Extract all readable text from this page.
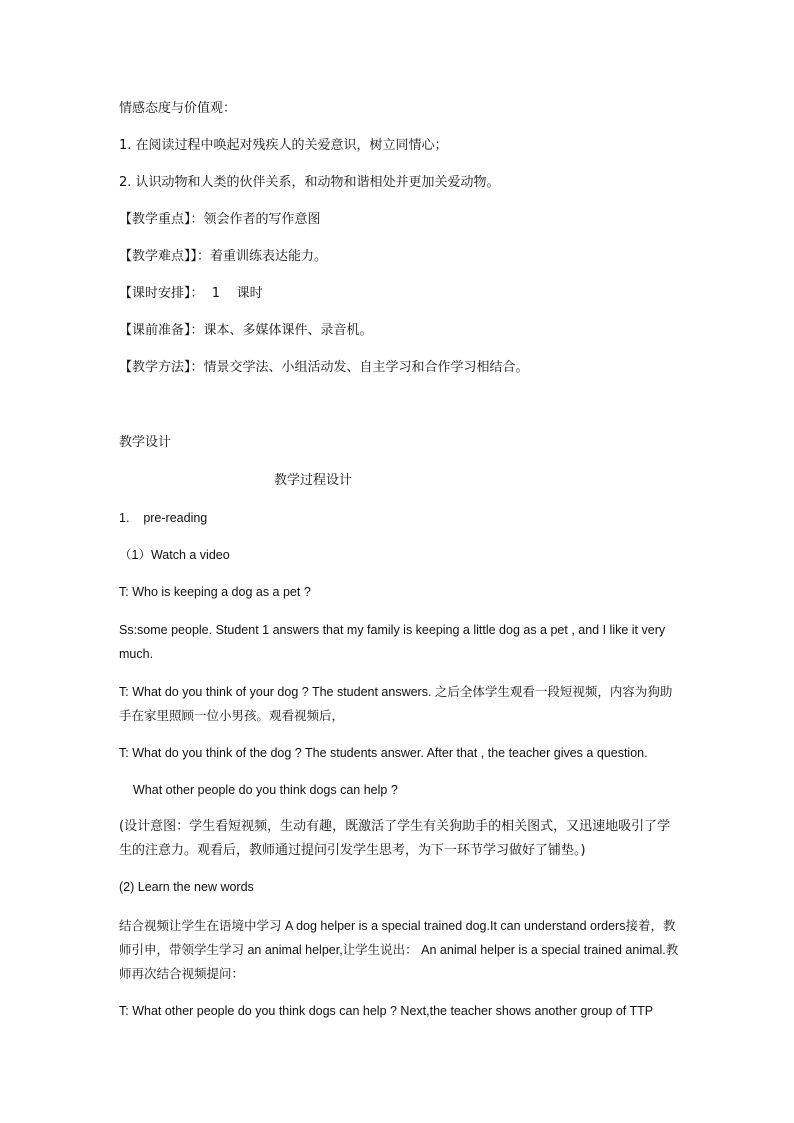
情感态度与价值观：

1. 在阅读过程中唤起对残疾人的关爱意识，树立同情心；

2. 认识动物和人类的伙伴关系，和动物和谐相处并更加关爱动物。

【教学重点】：领会作者的写作意图

【教学难点】】：着重训练表达能力。

【课时安排】：  1    课时

【课前准备】：课本、多媒体课件、录音机。

【教学方法】：情景交学法、小组活动发、自主学习和合作学习相结合。

教学设计

教学过程设计

1.    pre-reading

（1）Watch a video

T: Who is keeping a dog as a pet ?

Ss:some people. Student 1 answers that my family is keeping a little dog as a pet , and I like it very much.

T: What do you think of your dog ? The student answers. 之后全体学生观看一段短视频，内容为狗助手在家里照顾一位小男孩。观看视频后，

T: What do you think of the dog ? The students answer. After that , the teacher gives a question.

What other people do you think dogs can help ?

(设计意图：学生看短视频，生动有趣，既激活了学生有关狗助手的相关图式，又迅速地吸引了学生的注意力。观看后，教师通过提问引发学生思考，为下一环节学习做好了铺垫。)

(2) Learn the new words

结合视频让学生在语境中学习 A dog helper is a special trained dog.It can understand orders接着，教师引申，带领学生学习 an animal helper,让学生说出： An animal helper is a special trained animal.教师再次结合视频提问：

T: What other people do you think dogs can help ? Next,the teacher shows another group of TTP
